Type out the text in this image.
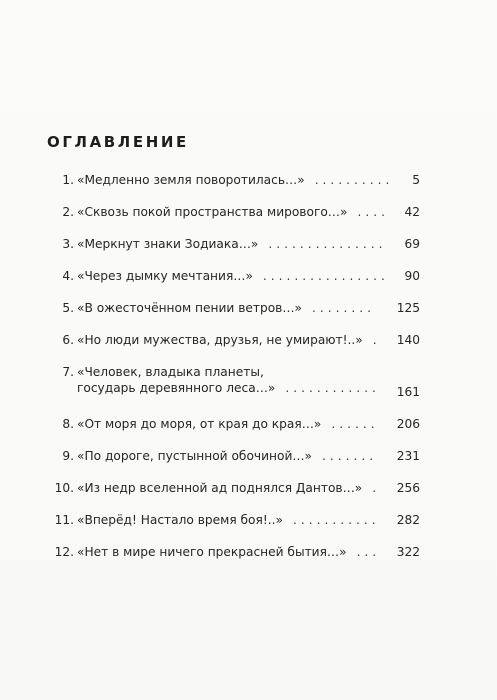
ОГЛАВЛЕНИЕ
1. «Медленно земля поворотилась…» .......... 5
2. «Сквозь покой пространства мирового…» .... 42
3. «Меркнут знаки Зодиака…» ............... 69
4. «Через дымку мечтания…» ................ 90
5. «В ожесточённом пении ветров…» ........ 125
6. «Но люди мужества, друзья, не умирают!..» . 140
7. «Человек, владыка планеты,
государь деревянного леса…» ............ 161
8. «От моря до моря, от края до края…» ...... 206
9. «По дороге, пустынной обочиной…» ....... 231
10. «Из недр вселенной ад поднялся Дантов…» . 256
11. «Вперёд! Настало время боя!..» ........... 282
12. «Нет в мире ничего прекрасней бытия…» ... 322
